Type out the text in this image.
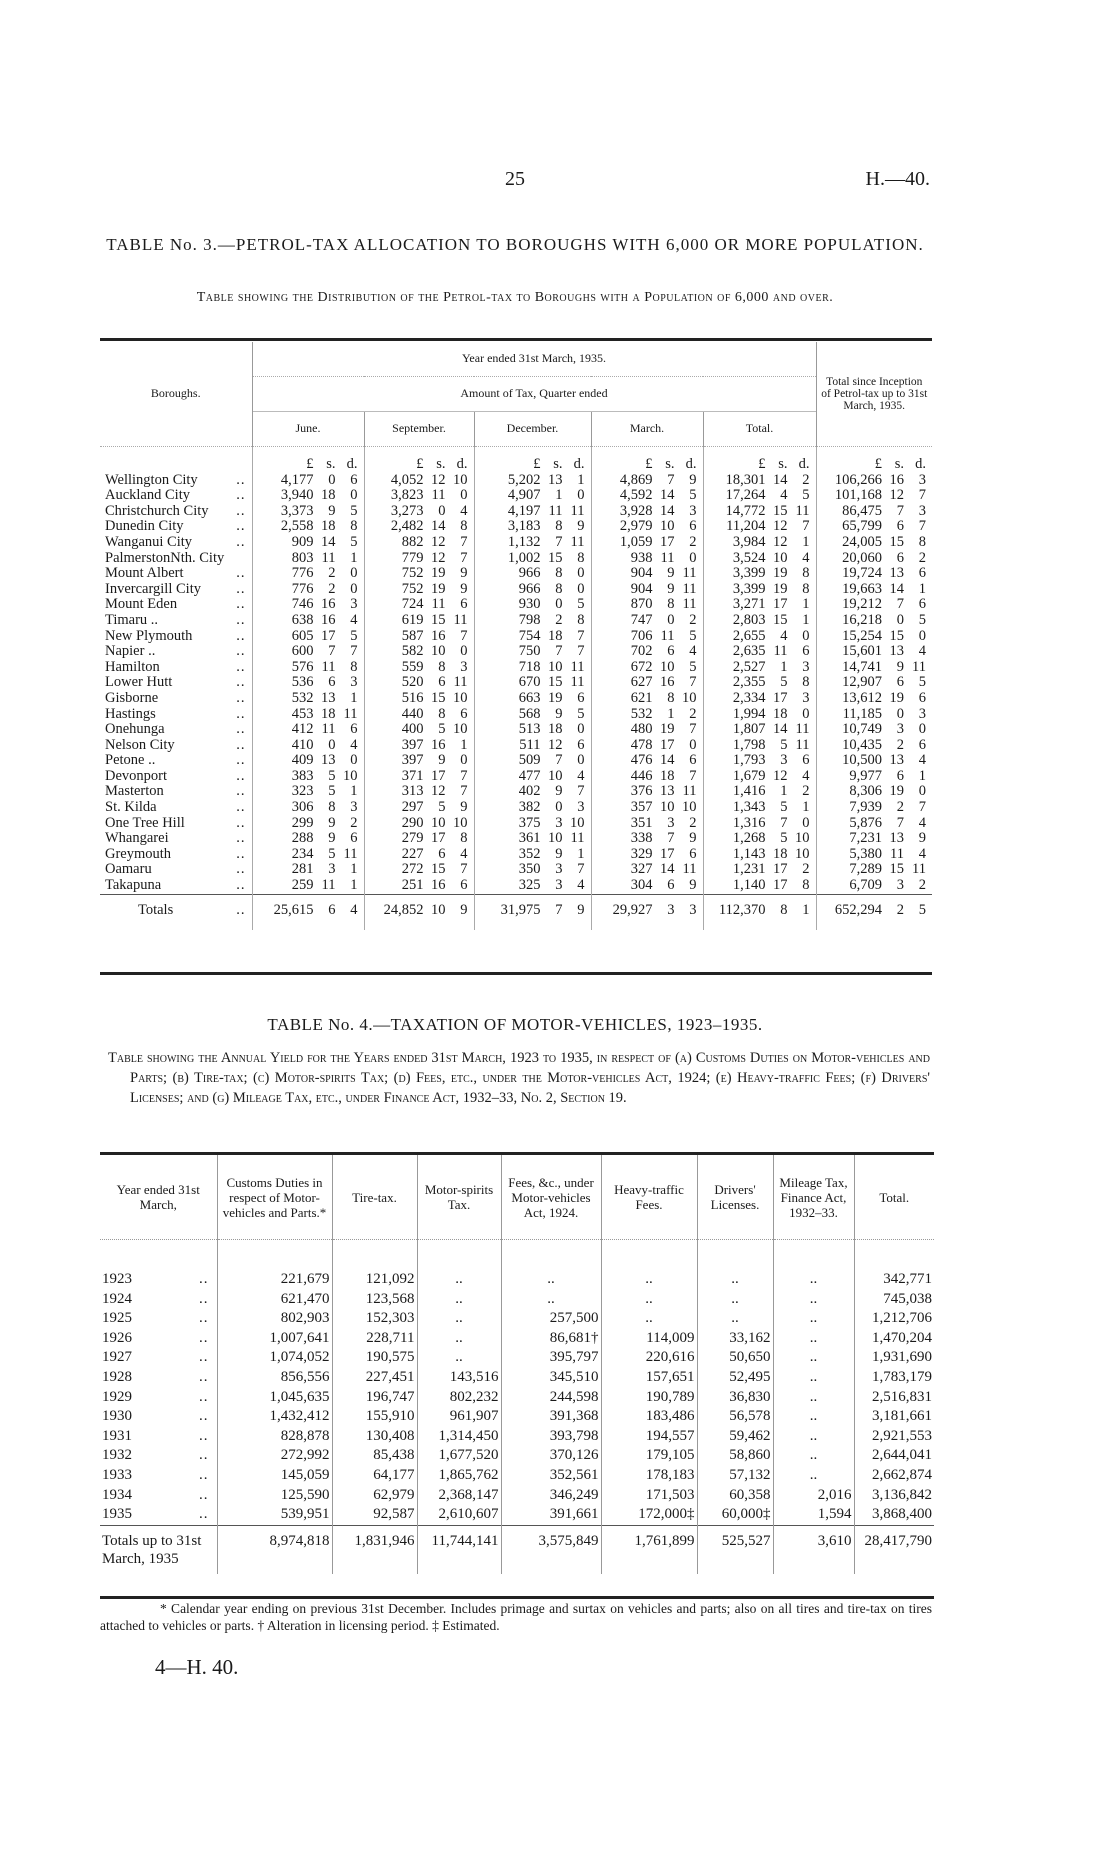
25	H.—40.
TABLE No. 3.—PETROL-TAX ALLOCATION TO BOROUGHS WITH 6,000 OR MORE POPULATION.
Table showing the Distribution of the Petrol-tax to Boroughs with a Population of 6,000 and over.
Boroughs.	Year ended 31st March, 1935.					Total since Inception of Petrol-tax up to 31st March, 1935.
	Amount of Tax, Quarter ended					
	June.	September.	December.	March.	Total.	

	£ s. d.	£ s. d.	£ s. d.	£ s. d.	£ s. d.	£ s. d.

Wellington City ..	4,177 0 6	4,052 12 10	5,202 13 1	4,869 7 9	18,301 14 2	106,266 16 3

Auckland City ..	3,940 18 0	3,823 11 0	4,907 1 0	4,592 14 5	17,264 4 5	101,168 12 7

Christchurch City ..	3,373 9 5	3,273 0 4	4,197 11 11	3,928 14 3	14,772 15 11	86,475 7 3

Dunedin City ..	2,558 18 8	2,482 14 8	3,183 8 9	2,979 10 6	11,204 12 7	65,799 6 7

Wanganui City ..	909 14 5	882 12 7	1,132 7 11	1,059 17 2	3,984 12 1	24,005 15 8

PalmerstonNth. City	803 11 1	779 12 7	1,002 15 8	938 11 0	3,524 10 4	20,060 6 2

Mount Albert ..	776 2 0	752 19 9	966 8 0	904 9 11	3,399 19 8	19,724 13 6

Invercargill City ..	776 2 0	752 19 9	966 8 0	904 9 11	3,399 19 8	19,663 14 1

Mount Eden ..	746 16 3	724 11 6	930 0 5	870 8 11	3,271 17 1	19,212 7 6

Timaru .. ..	638 16 4	619 15 11	798 2 8	747 0 2	2,803 15 1	16,218 0 5

New Plymouth ..	605 17 5	587 16 7	754 18 7	706 11 5	2,655 4 0	15,254 15 0

Napier .. ..	600 7 7	582 10 0	750 7 7	702 6 4	2,635 11 6	15,601 13 4

Hamilton ..	576 11 8	559 8 3	718 10 11	672 10 5	2,527 1 3	14,741 9 11

Lower Hutt ..	536 6 3	520 6 11	670 15 11	627 16 7	2,355 5 8	12,907 6 5

Gisborne ..	532 13 1	516 15 10	663 19 6	621 8 10	2,334 17 3	13,612 19 6

Hastings ..	453 18 11	440 8 6	568 9 5	532 1 2	1,994 18 0	11,185 0 3

Onehunga ..	412 11 6	400 5 10	513 18 0	480 19 7	1,807 14 11	10,749 3 0

Nelson City ..	410 0 4	397 16 1	511 12 6	478 17 0	1,798 5 11	10,435 2 6

Petone .. ..	409 13 0	397 9 0	509 7 0	476 14 6	1,793 3 6	10,500 13 4

Devonport ..	383 5 10	371 17 7	477 10 4	446 18 7	1,679 12 4	9,977 6 1

Masterton ..	323 5 1	313 12 7	402 9 7	376 13 11	1,416 1 2	8,306 19 0

St. Kilda ..	306 8 3	297 5 9	382 0 3	357 10 10	1,343 5 1	7,939 2 7

One Tree Hill ..	299 9 2	290 10 10	375 3 10	351 3 2	1,316 7 0	5,876 7 4

Whangarei ..	288 9 6	279 17 8	361 10 11	338 7 9	1,268 5 10	7,231 13 9

Greymouth ..	234 5 11	227 6 4	352 9 1	329 17 6	1,143 18 10	5,380 11 4

Oamaru ..	281 3 1	272 15 7	350 3 7	327 14 11	1,231 17 2	7,289 15 11

Takapuna ..	259 11 1	251 16 6	325 3 4	304 6 9	1,140 17 8	6,709 3 2

Totals ..	25,615 6 4	24,852 10 9	31,975 7 9	29,927 3 3	112,370 8 1	652,294 2 5
TABLE No. 4.—TAXATION OF MOTOR-VEHICLES, 1923–1935.

Table showing the Annual Yield for the Years ended 31st March, 1923 to 1935, in respect of (a) Customs Duties on Motor-vehicles and Parts; (b) Tire-tax; (c) Motor-spirits Tax; (d) Fees, etc., under the Motor-vehicles Act, 1924; (e) Heavy-traffic Fees; (f) Drivers' Licenses; and (g) Mileage Tax, etc., under Finance Act, 1932–33, No. 2, Section 19.

Year ended 31st March,	Customs Duties in respect of Motor-vehicles and Parts.*	Tire-tax.	Motor-spirits Tax.	Fees, &c., under Motor-vehicles Act, 1924.	Heavy-traffic Fees.	Drivers' Licenses.	Mileage Tax, Finance Act, 1932–33.	Total.
1923 ..	221,679	121,092	..	..	..	..	..	342,771
1924 ..	621,470	123,568	..	..	..	..	..	745,038
1925 ..	802,903	152,303	..	257,500	..	..	..	1,212,706
1926 ..	1,007,641	228,711	..	86,681†	114,009	33,162	..	1,470,204
1927 ..	1,074,052	190,575	..	395,797	220,616	50,650	..	1,931,690
1928 ..	856,556	227,451	143,516	345,510	157,651	52,495	..	1,783,179
1929 ..	1,045,635	196,747	802,232	244,598	190,789	36,830	..	2,516,831
1930 ..	1,432,412	155,910	961,907	391,368	183,486	56,578	..	3,181,661
1931 ..	828,878	130,408	1,314,450	393,798	194,557	59,462	..	2,921,553
1932 ..	272,992	85,438	1,677,520	370,126	179,105	58,860	..	2,644,041
1933 ..	145,059	64,177	1,865,762	352,561	178,183	57,132	..	2,662,874
1934 ..	125,590	62,979	2,368,147	346,249	171,503	60,358	2,016	3,136,842
1935 ..	539,951	92,587	2,610,607	391,661	172,000‡	60,000‡	1,594	3,868,400
Totals up to 31st March, 1935	8,974,818	1,831,946	11,744,141	3,575,849	1,761,899	525,527	3,610	28,417,790

* Calendar year ending on previous 31st December. Includes primage and surtax on vehicles and parts; also on all tires and tire-tax on tires attached to vehicles or parts. † Alteration in licensing period. ‡ Estimated.

4—H. 40.
